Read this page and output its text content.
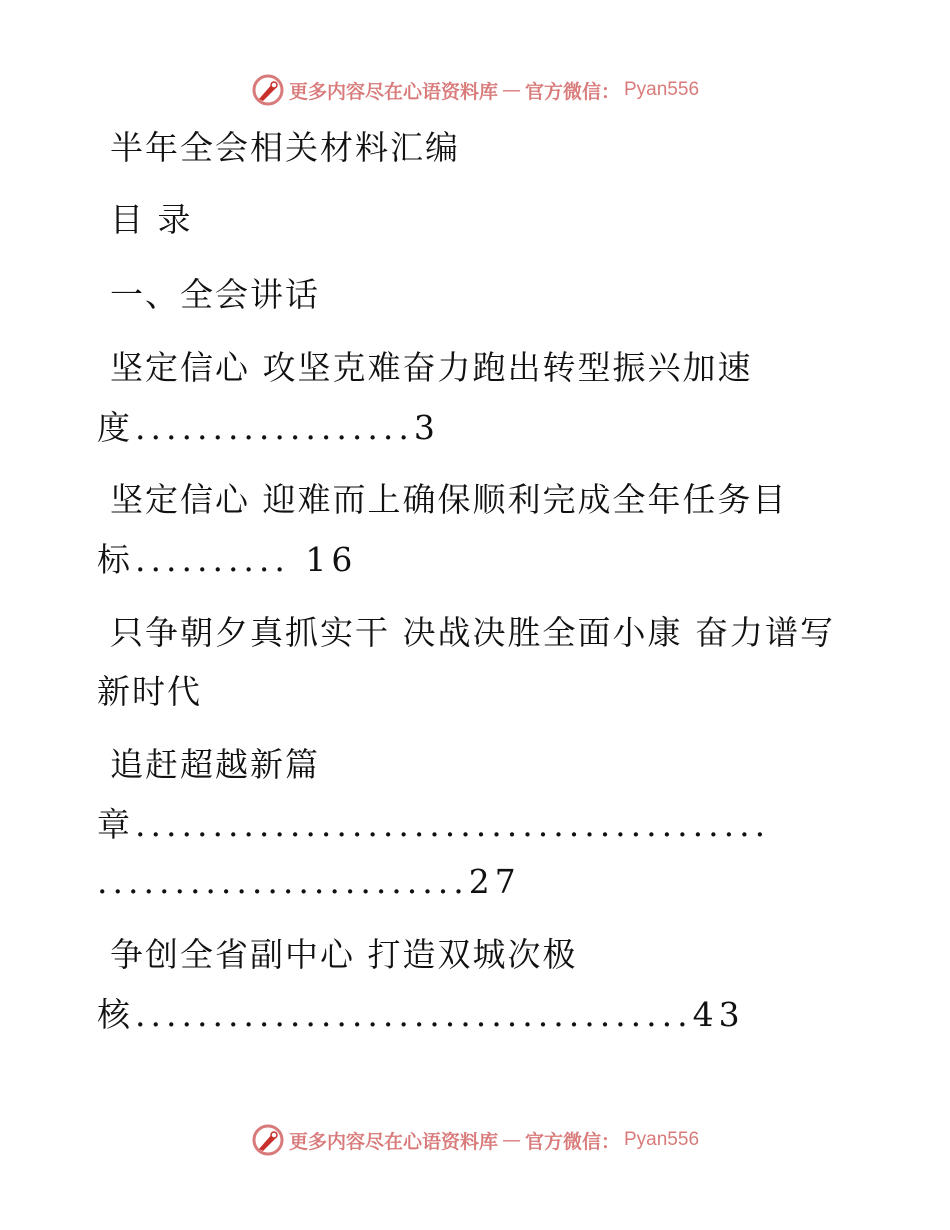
更多内容尽在心语资料库 — 官方微信： Pyan556
半年全会相关材料汇编
目 录
一、全会讲话
坚定信心 攻坚克难奋力跑出转型振兴加速
度..................3
坚定信心 迎难而上确保顺利完成全年任务目
标.......... 16
只争朝夕真抓实干 决战决胜全面小康 奋力谱写
新时代
追赶超越新篇
章.........................................
........................27
争创全省副中心 打造双城次极
核....................................43
更多内容尽在心语资料库 — 官方微信： Pyan556
